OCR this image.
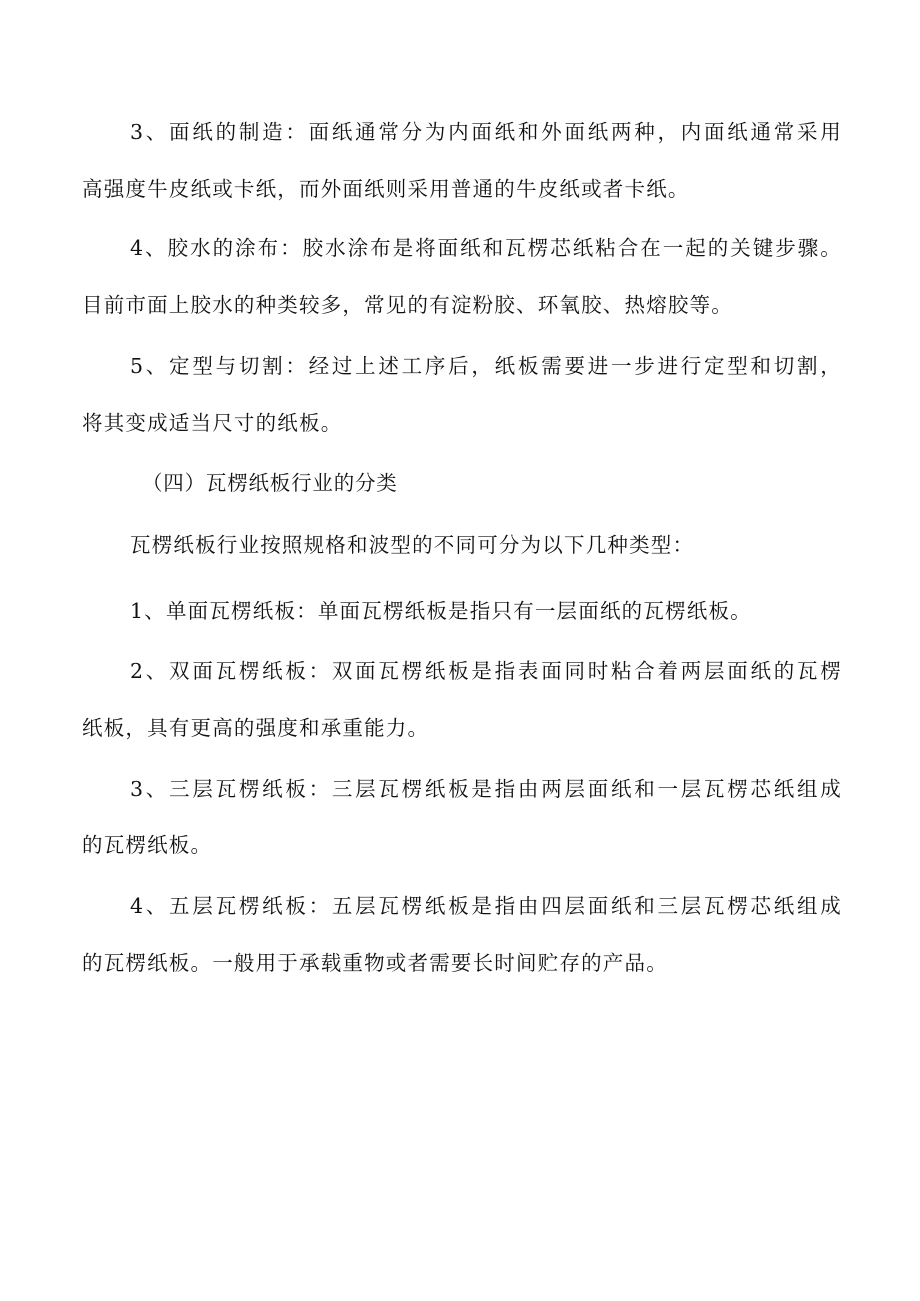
3、面纸的制造：面纸通常分为内面纸和外面纸两种，内面纸通常采用
高强度牛皮纸或卡纸，而外面纸则采用普通的牛皮纸或者卡纸。
4、胶水的涂布：胶水涂布是将面纸和瓦楞芯纸粘合在一起的关键步骤。
目前市面上胶水的种类较多，常见的有淀粉胶、环氧胶、热熔胶等。
5、定型与切割：经过上述工序后，纸板需要进一步进行定型和切割，
将其变成适当尺寸的纸板。
（四）瓦楞纸板行业的分类
瓦楞纸板行业按照规格和波型的不同可分为以下几种类型：
1、单面瓦楞纸板：单面瓦楞纸板是指只有一层面纸的瓦楞纸板。
2、双面瓦楞纸板：双面瓦楞纸板是指表面同时粘合着两层面纸的瓦楞
纸板，具有更高的强度和承重能力。
3、三层瓦楞纸板：三层瓦楞纸板是指由两层面纸和一层瓦楞芯纸组成
的瓦楞纸板。
4、五层瓦楞纸板：五层瓦楞纸板是指由四层面纸和三层瓦楞芯纸组成
的瓦楞纸板。一般用于承载重物或者需要长时间贮存的产品。
